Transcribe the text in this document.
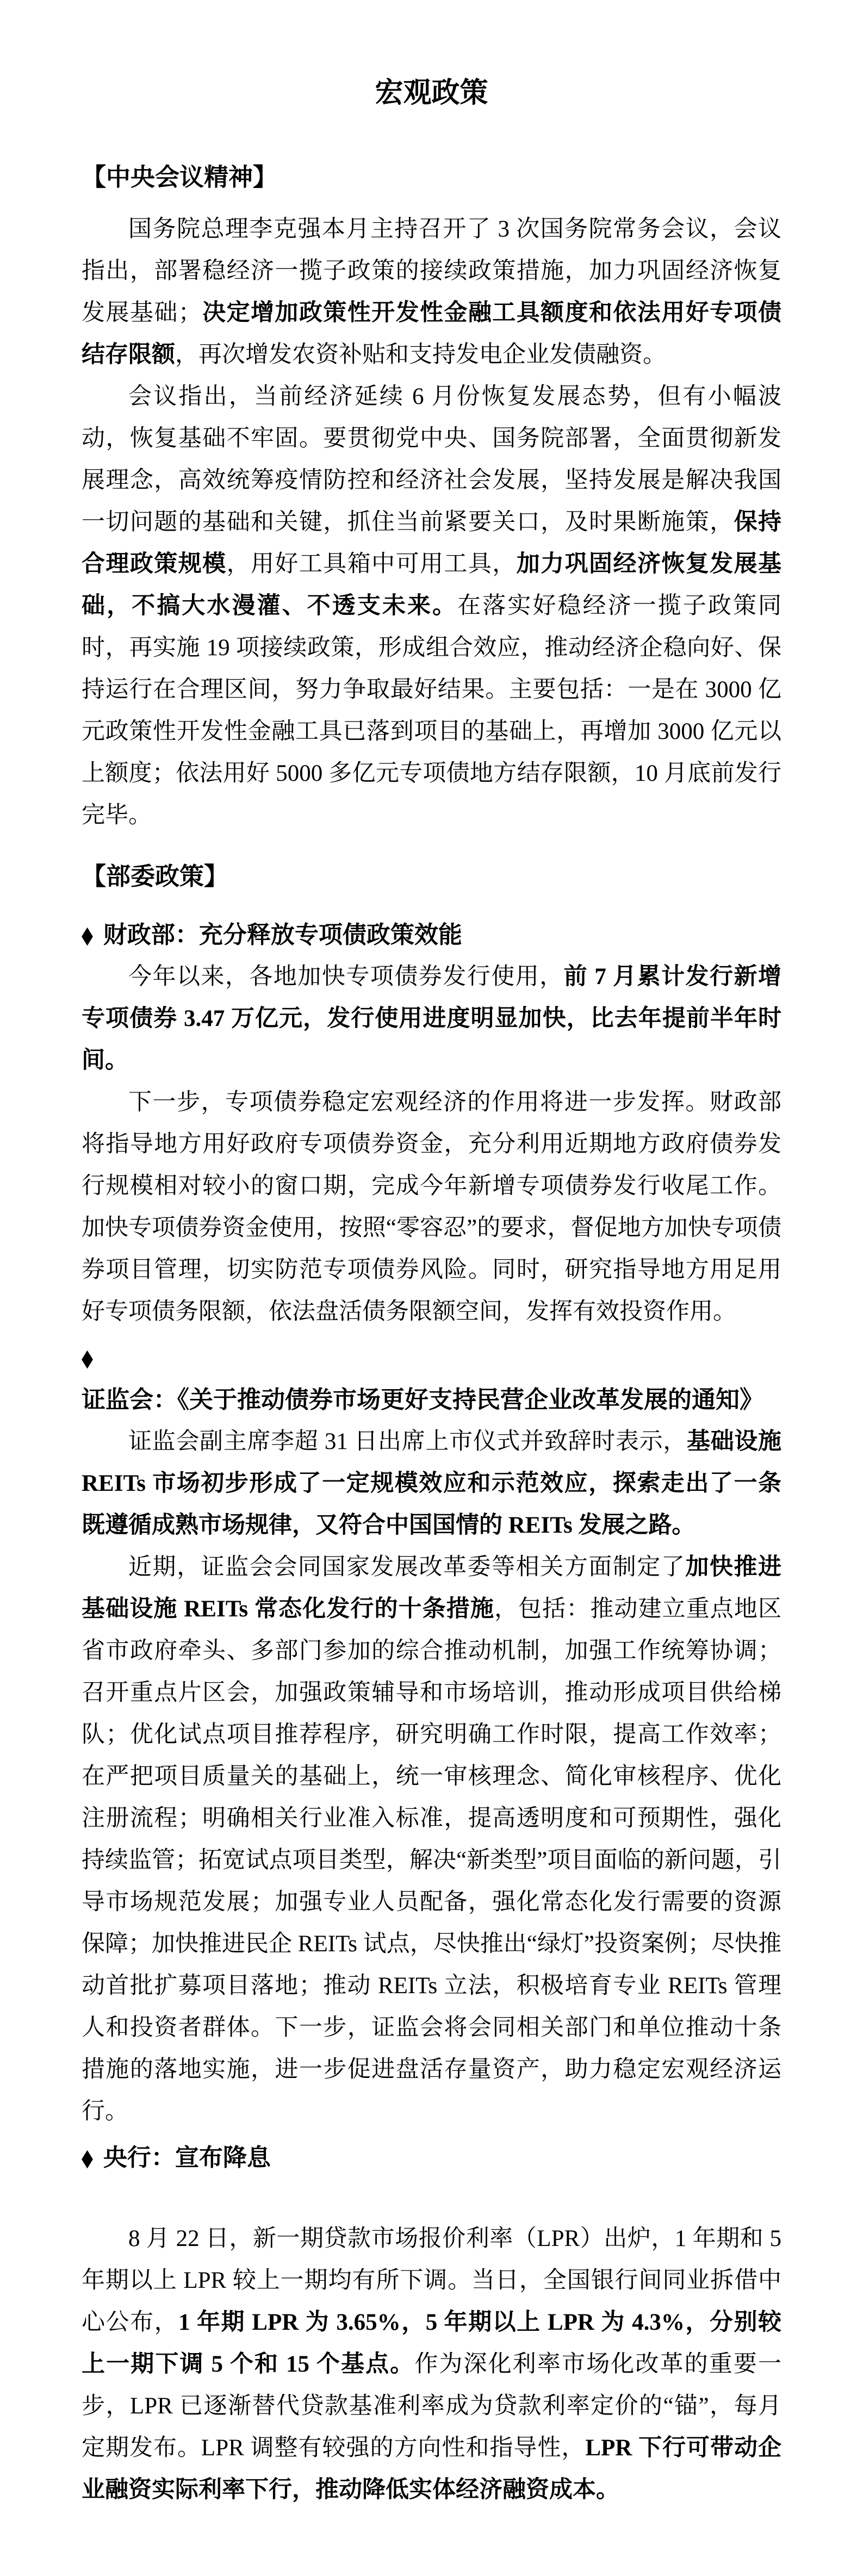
宏观政策
【中央会议精神】

国务院总理李克强本月主持召开了 3 次国务院常务会议，会议指出，部署稳经济一揽子政策的接续政策措施，加力巩固经济恢复发展基础；决定增加政策性开发性金融工具额度和依法用好专项债结存限额，再次增发农资补贴和支持发电企业发债融资。

会议指出，当前经济延续 6 月份恢复发展态势，但有小幅波动，恢复基础不牢固。要贯彻党中央、国务院部署，全面贯彻新发展理念，高效统筹疫情防控和经济社会发展，坚持发展是解决我国一切问题的基础和关键，抓住当前紧要关口，及时果断施策，保持合理政策规模，用好工具箱中可用工具，加力巩固经济恢复发展基础，不搞大水漫灌、不透支未来。在落实好稳经济一揽子政策同时，再实施 19 项接续政策，形成组合效应，推动经济企稳向好、保持运行在合理区间，努力争取最好结果。主要包括：一是在 3000 亿元政策性开发性金融工具已落到项目的基础上，再增加 3000 亿元以上额度；依法用好 5000 多亿元专项债地方结存限额，10 月底前发行完毕。

【部委政策】
◆ 财政部：充分释放专项债政策效能

今年以来，各地加快专项债券发行使用，前 7 月累计发行新增专项债券 3.47 万亿元，发行使用进度明显加快，比去年提前半年时间。

下一步，专项债券稳定宏观经济的作用将进一步发挥。财政部将指导地方用好政府专项债券资金，充分利用近期地方政府债券发行规模相对较小的窗口期，完成今年新增专项债券发行收尾工作。加快专项债券资金使用，按照“零容忍”的要求，督促地方加快专项债券项目管理，切实防范专项债券风险。同时，研究指导地方用足用好专项债务限额，依法盘活债务限额空间，发挥有效投资作用。

◆证监会：《关于推动债券市场更好支持民营企业改革发展的通知》

证监会副主席李超 31 日出席上市仪式并致辞时表示，基础设施 REITs 市场初步形成了一定规模效应和示范效应，探索走出了一条既遵循成熟市场规律，又符合中国国情的 REITs 发展之路。

近期，证监会会同国家发展改革委等相关方面制定了加快推进基础设施 REITs 常态化发行的十条措施，包括：推动建立重点地区省市政府牵头、多部门参加的综合推动机制，加强工作统筹协调；召开重点片区会，加强政策辅导和市场培训，推动形成项目供给梯队；优化试点项目推荐程序，研究明确工作时限，提高工作效率；在严把项目质量关的基础上，统一审核理念、简化审核程序、优化注册流程；明确相关行业准入标准，提高透明度和可预期性，强化持续监管；拓宽试点项目类型，解决“新类型”项目面临的新问题，引导市场规范发展；加强专业人员配备，强化常态化发行需要的资源保障；加快推进民企 REITs 试点，尽快推出“绿灯”投资案例；尽快推动首批扩募项目落地；推动 REITs 立法，积极培育专业 REITs 管理人和投资者群体。下一步，证监会将会同相关部门和单位推动十条措施的落地实施，进一步促进盘活存量资产，助力稳定宏观经济运行。

◆ 央行：宣布降息

8 月 22 日，新一期贷款市场报价利率（LPR）出炉，1 年期和 5 年期以上 LPR 较上一期均有所下调。当日，全国银行间同业拆借中心公布，1 年期 LPR 为 3.65%，5 年期以上 LPR 为 4.3%，分别较上一期下调 5 个和 15 个基点。作为深化利率市场化改革的重要一步，LPR 已逐渐替代贷款基准利率成为贷款利率定价的“锚”，每月定期发布。LPR 调整有较强的方向性和指导性，LPR 下行可带动企业融资实际利率下行，推动降低实体经济融资成本。
